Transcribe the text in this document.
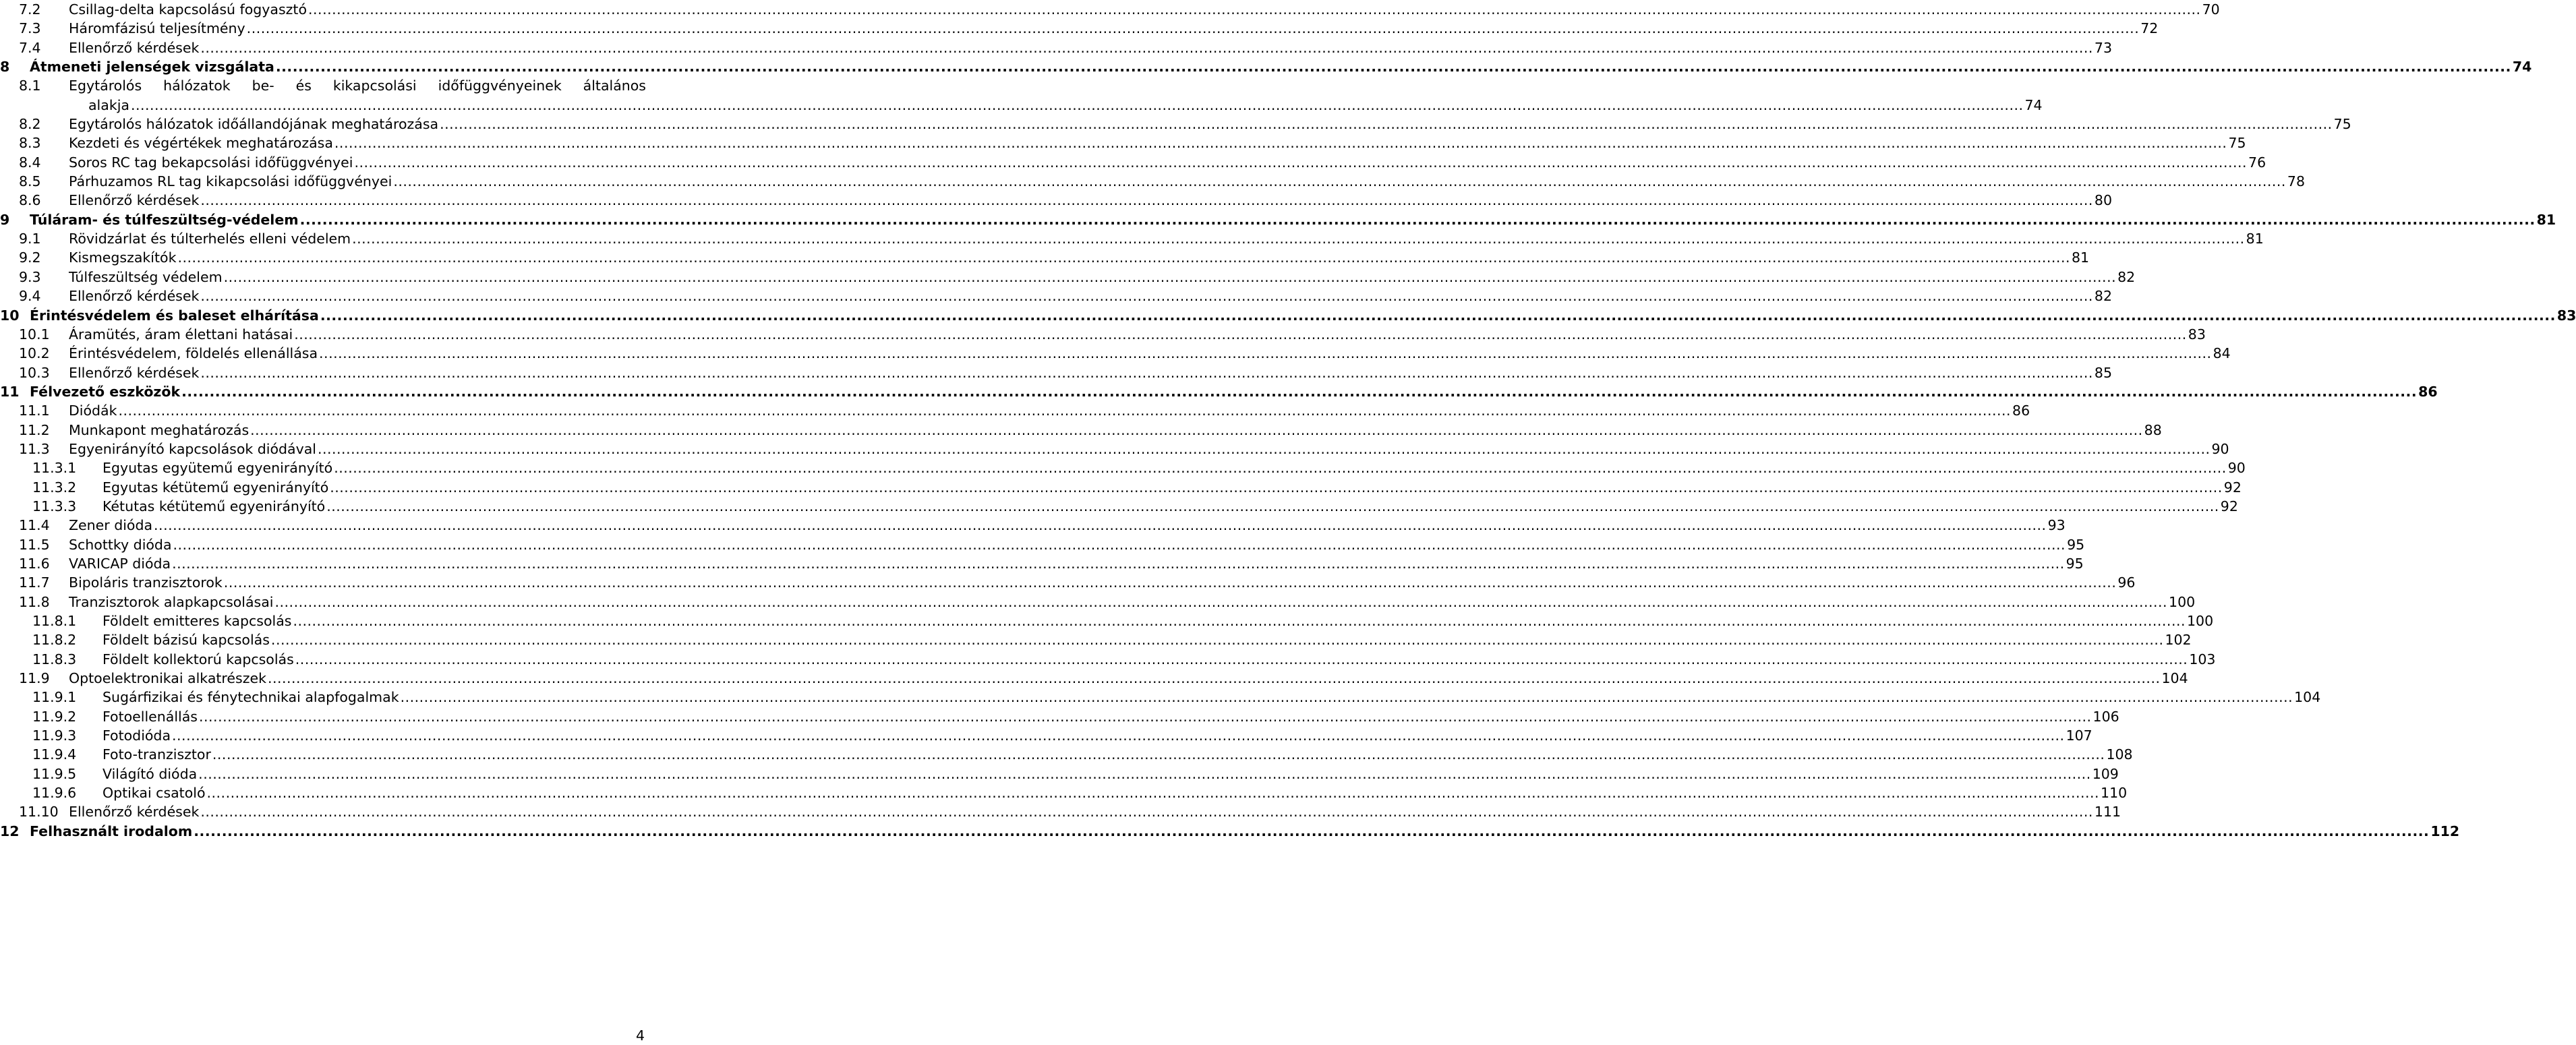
7.2 Csillag-delta kapcsolású fogyasztó ................................................................................................................................................................................................................................................................................................................................................................................................................ 70
7.3 Háromfázisú teljesítmény ................................................................................................................................................................................................................................................................................................................................................................................................................ 72
7.4 Ellenőrző kérdések ................................................................................................................................................................................................................................................................................................................................................................................................................ 73
8 Átmeneti jelenségek vizsgálata ................................................................................................................................................................................................................................................................................................................................................................................................................ 74
8.1 Egytárolós hálózatok be- és kikapcsolási időfüggvényeinek általános
alakja ................................................................................................................................................................................................................................................................................................................................................................................................................ 74
8.2 Egytárolós hálózatok időállandójának meghatározása ................................................................................................................................................................................................................................................................................................................................................................................................................ 75
8.3 Kezdeti és végértékek meghatározása ................................................................................................................................................................................................................................................................................................................................................................................................................ 75
8.4 Soros RC tag bekapcsolási időfüggvényei ................................................................................................................................................................................................................................................................................................................................................................................................................ 76
8.5 Párhuzamos RL tag kikapcsolási időfüggvényei ................................................................................................................................................................................................................................................................................................................................................................................................................ 78
8.6 Ellenőrző kérdések ................................................................................................................................................................................................................................................................................................................................................................................................................ 80
9 Túláram- és túlfeszültség-védelem ................................................................................................................................................................................................................................................................................................................................................................................................................ 81
9.1 Rövidzárlat és túlterhelés elleni védelem ................................................................................................................................................................................................................................................................................................................................................................................................................ 81
9.2 Kismegszakítók ................................................................................................................................................................................................................................................................................................................................................................................................................ 81
9.3 Túlfeszültség védelem ................................................................................................................................................................................................................................................................................................................................................................................................................ 82
9.4 Ellenőrző kérdések ................................................................................................................................................................................................................................................................................................................................................................................................................ 82
10 Érintésvédelem és baleset elhárítása ................................................................................................................................................................................................................................................................................................................................................................................................................ 83
10.1 Áramütés, áram élettani hatásai ................................................................................................................................................................................................................................................................................................................................................................................................................ 83
10.2 Érintésvédelem, földelés ellenállása ................................................................................................................................................................................................................................................................................................................................................................................................................ 84
10.3 Ellenőrző kérdések ................................................................................................................................................................................................................................................................................................................................................................................................................ 85
11 Félvezető eszközök ................................................................................................................................................................................................................................................................................................................................................................................................................ 86
11.1 Diódák ................................................................................................................................................................................................................................................................................................................................................................................................................ 86
11.2 Munkapont meghatározás ................................................................................................................................................................................................................................................................................................................................................................................................................ 88
11.3 Egyenirányító kapcsolások diódával ................................................................................................................................................................................................................................................................................................................................................................................................................ 90
11.3.1 Egyutas együtemű egyenirányító ................................................................................................................................................................................................................................................................................................................................................................................................................ 90
11.3.2 Egyutas kétütemű egyenirányító ................................................................................................................................................................................................................................................................................................................................................................................................................ 92
11.3.3 Kétutas kétütemű egyenirányító ................................................................................................................................................................................................................................................................................................................................................................................................................ 92
11.4 Zener dióda ................................................................................................................................................................................................................................................................................................................................................................................................................ 93
11.5 Schottky dióda ................................................................................................................................................................................................................................................................................................................................................................................................................ 95
11.6 VARICAP dióda ................................................................................................................................................................................................................................................................................................................................................................................................................ 95
11.7 Bipoláris tranzisztorok ................................................................................................................................................................................................................................................................................................................................................................................................................ 96
11.8 Tranzisztorok alapkapcsolásai ................................................................................................................................................................................................................................................................................................................................................................................................................ 100
11.8.1 Földelt emitteres kapcsolás ................................................................................................................................................................................................................................................................................................................................................................................................................ 100
11.8.2 Földelt bázisú kapcsolás ................................................................................................................................................................................................................................................................................................................................................................................................................ 102
11.8.3 Földelt kollektorú kapcsolás ................................................................................................................................................................................................................................................................................................................................................................................................................ 103
11.9 Optoelektronikai alkatrészek ................................................................................................................................................................................................................................................................................................................................................................................................................ 104
11.9.1 Sugárfizikai és fénytechnikai alapfogalmak ................................................................................................................................................................................................................................................................................................................................................................................................................ 104
11.9.2 Fotoellenállás ................................................................................................................................................................................................................................................................................................................................................................................................................ 106
11.9.3 Fotodióda ................................................................................................................................................................................................................................................................................................................................................................................................................ 107
11.9.4 Foto-tranzisztor ................................................................................................................................................................................................................................................................................................................................................................................................................ 108
11.9.5 Világító dióda ................................................................................................................................................................................................................................................................................................................................................................................................................ 109
11.9.6 Optikai csatoló ................................................................................................................................................................................................................................................................................................................................................................................................................ 110
11.10 Ellenőrző kérdések ................................................................................................................................................................................................................................................................................................................................................................................................................ 111
12 Felhasznált irodalom ................................................................................................................................................................................................................................................................................................................................................................................................................ 112
4
